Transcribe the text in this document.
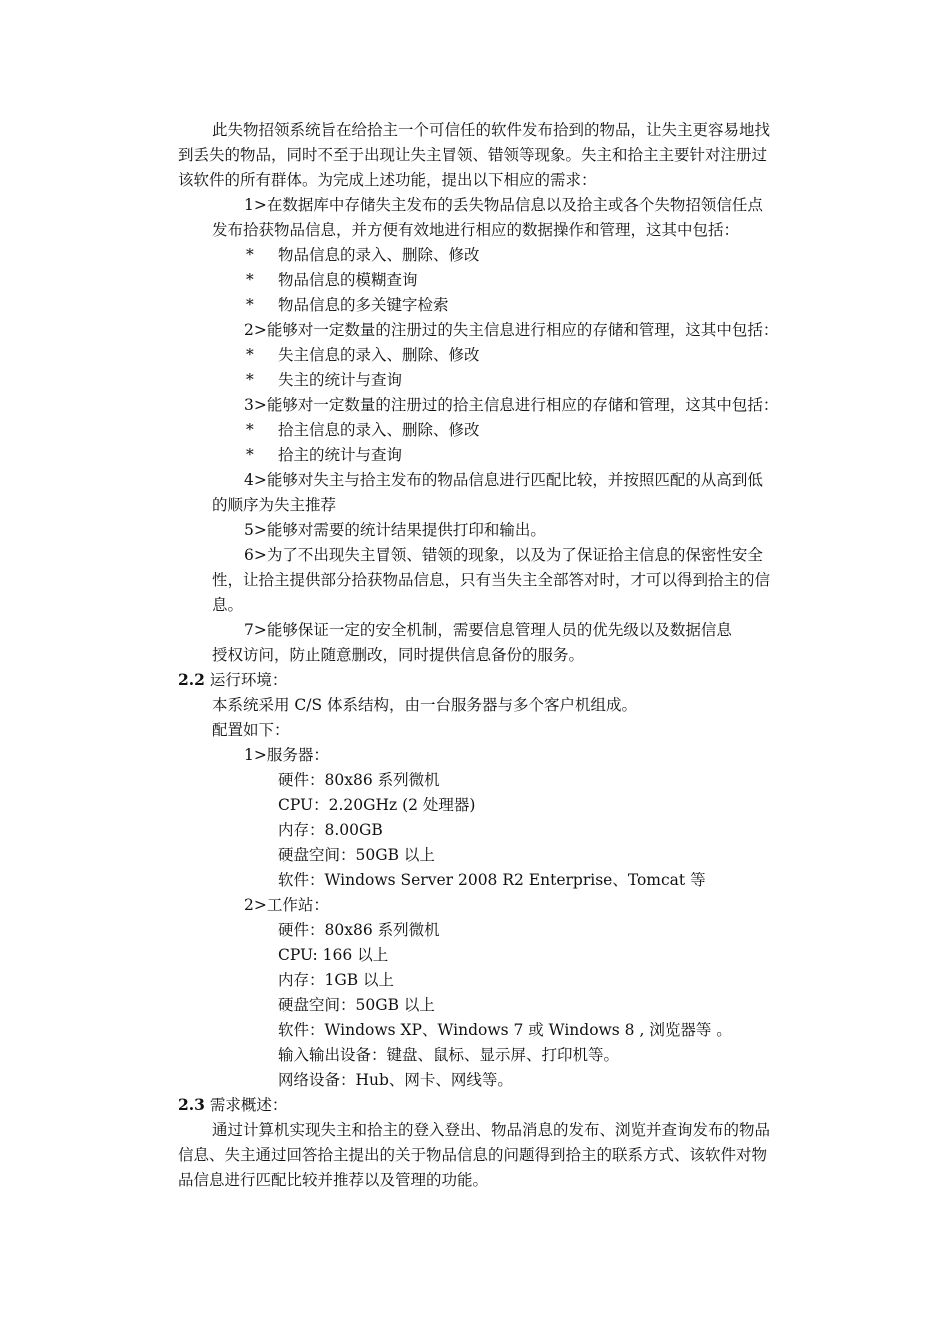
此失物招领系统旨在给拾主一个可信任的软件发布拾到的物品，让失主更容易地找
到丢失的物品，同时不至于出现让失主冒领、错领等现象。失主和拾主主要针对注册过
该软件的所有群体。为完成上述功能，提出以下相应的需求：
1>在数据库中存储失主发布的丢失物品信息以及拾主或各个失物招领信任点
发布拾获物品信息，并方便有效地进行相应的数据操作和管理，这其中包括：
* 物品信息的录入、删除、修改
* 物品信息的模糊查询
* 物品信息的多关键字检索
2>能够对一定数量的注册过的失主信息进行相应的存储和管理，这其中包括：
* 失主信息的录入、删除、修改
* 失主的统计与查询
3>能够对一定数量的注册过的拾主信息进行相应的存储和管理，这其中包括：
* 拾主信息的录入、删除、修改
* 拾主的统计与查询
4>能够对失主与拾主发布的物品信息进行匹配比较，并按照匹配的从高到低
的顺序为失主推荐
5>能够对需要的统计结果提供打印和输出。
6>为了不出现失主冒领、错领的现象，以及为了保证拾主信息的保密性安全
性，让拾主提供部分拾获物品信息，只有当失主全部答对时，才可以得到拾主的信
息。
7>能够保证一定的安全机制，需要信息管理人员的优先级以及数据信息
授权访问，防止随意删改，同时提供信息备份的服务。
2.2 运行环境：
本系统采用 C/S 体系结构，由一台服务器与多个客户机组成。
配置如下：
1>服务器：
硬件：80x86 系列微机
CPU：2.20GHz (2 处理器)
内存：8.00GB
硬盘空间：50GB 以上
软件：Windows Server 2008 R2 Enterprise、Tomcat 等
2>工作站：
硬件：80x86 系列微机
CPU: 166 以上
内存：1GB 以上
硬盘空间：50GB 以上
软件：Windows XP、Windows 7 或 Windows 8 , 浏览器等 。
输入输出设备：键盘、鼠标、显示屏、打印机等。
网络设备：Hub、网卡、网线等。
2.3 需求概述：
通过计算机实现失主和拾主的登入登出、物品消息的发布、浏览并查询发布的物品
信息、失主通过回答拾主提出的关于物品信息的问题得到拾主的联系方式、该软件对物
品信息进行匹配比较并推荐以及管理的功能。
